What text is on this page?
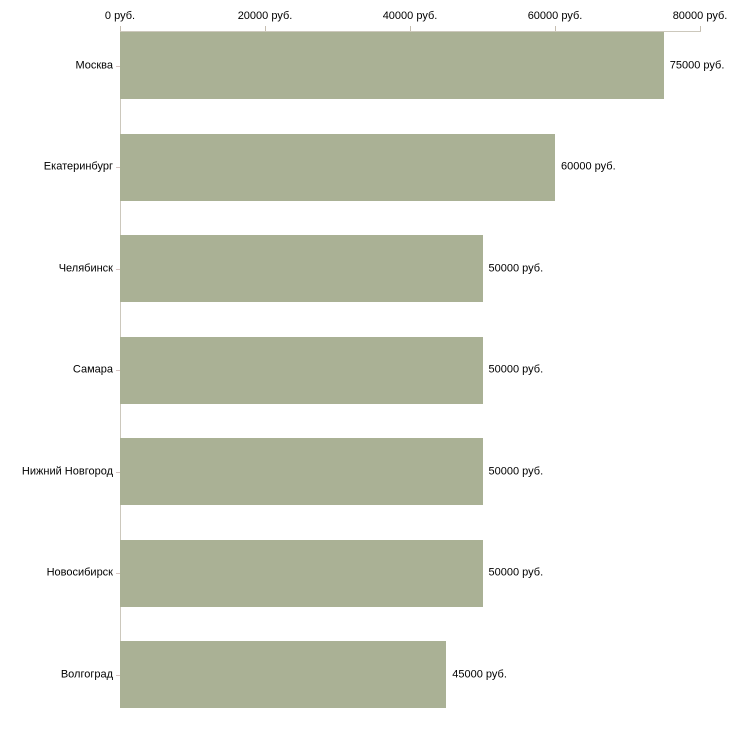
0 руб.	20000 руб.	40000 руб.	60000 руб.	80000 руб.
Москва	75000 руб.
Екатеринбург	60000 руб.
Челябинск	50000 руб.
Самара	50000 руб.
Нижний Новгород	50000 руб.
Новосибирск	50000 руб.
Волгоград	45000 руб.
